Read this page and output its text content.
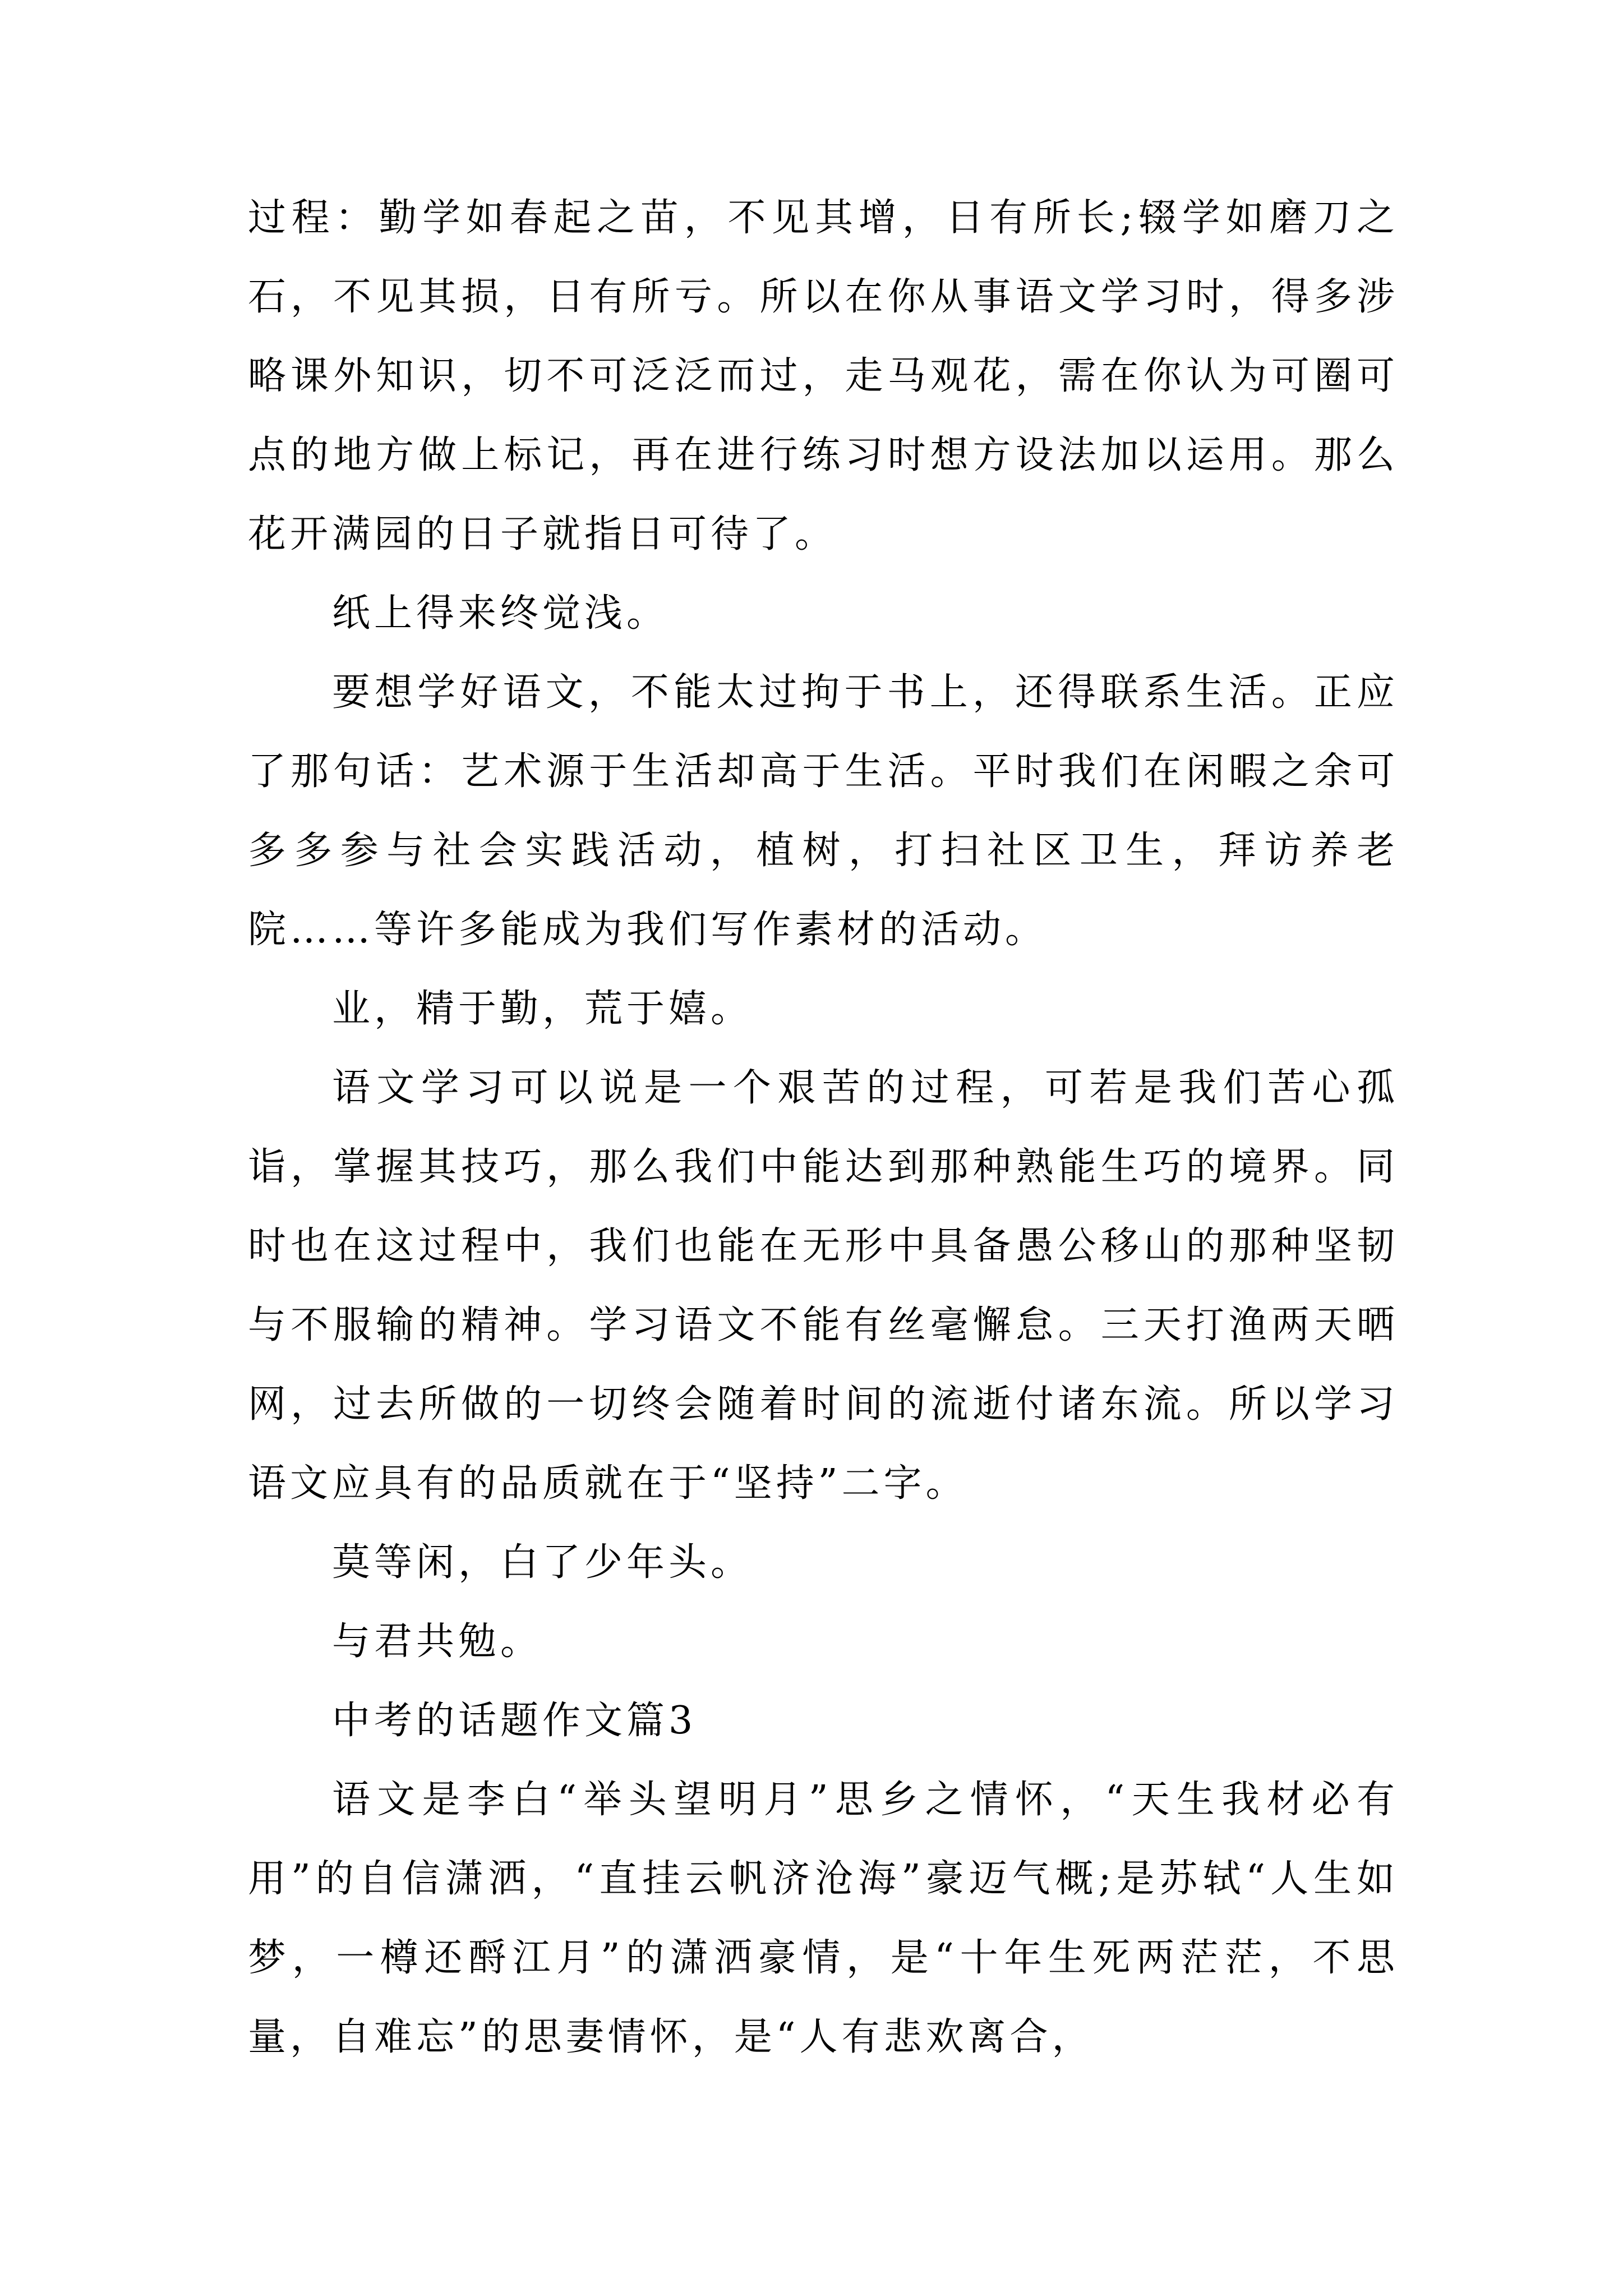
过程：勤学如春起之苗，不见其增，日有所长;辍学如磨刀之石，不见其损，日有所亏。所以在你从事语文学习时，得多涉略课外知识，切不可泛泛而过，走马观花，需在你认为可圈可点的地方做上标记，再在进行练习时想方设法加以运用。那么花开满园的日子就指日可待了。

纸上得来终觉浅。

要想学好语文，不能太过拘于书上，还得联系生活。正应了那句话：艺术源于生活却高于生活。平时我们在闲暇之余可多多参与社会实践活动，植树，打扫社区卫生，拜访养老院……等许多能成为我们写作素材的活动。

业，精于勤，荒于嬉。

语文学习可以说是一个艰苦的过程，可若是我们苦心孤诣，掌握其技巧，那么我们中能达到那种熟能生巧的境界。同时也在这过程中，我们也能在无形中具备愚公移山的那种坚韧与不服输的精神。学习语文不能有丝毫懈怠。三天打渔两天晒网，过去所做的一切终会随着时间的流逝付诸东流。所以学习语文应具有的品质就在于“坚持”二字。

莫等闲，白了少年头。

与君共勉。

中考的话题作文篇3

语文是李白“举头望明月”思乡之情怀，“天生我材必有用”的自信潇洒，“直挂云帆济沧海”豪迈气概;是苏轼“人生如梦，一樽还酹江月”的潇洒豪情，是“十年生死两茫茫，不思量，自难忘”的思妻情怀，是“人有悲欢离合，
